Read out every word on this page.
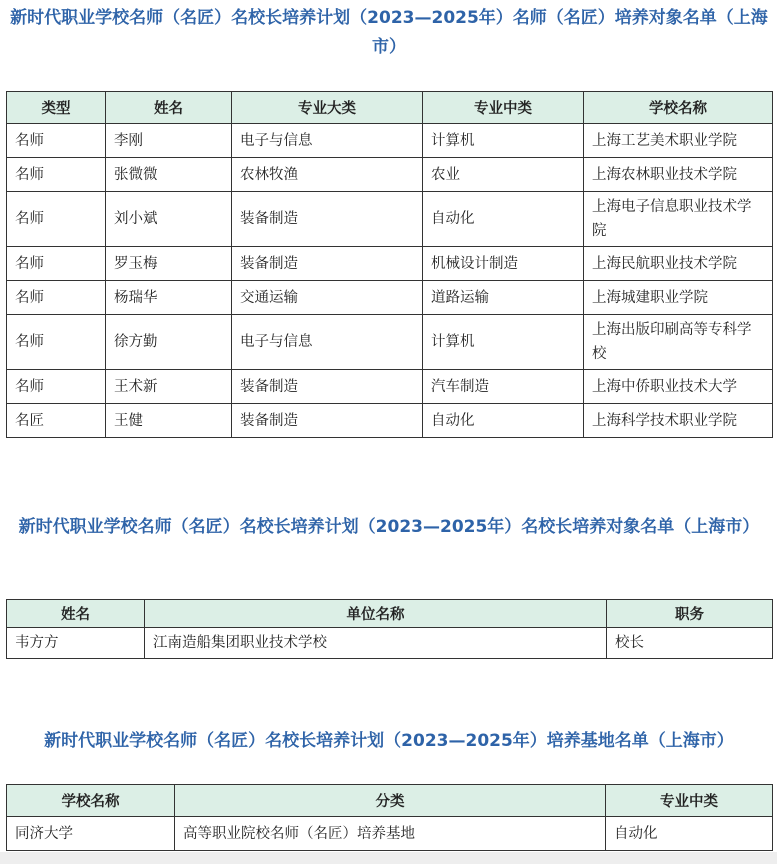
新时代职业学校名师（名匠）名校长培养计划（2023—2025年）名师（名匠）培养对象名单（上海市）
类型	姓名	专业大类	专业中类	学校名称
名师	李刚	电子与信息	计算机	上海工艺美术职业学院
名师	张微微	农林牧渔	农业	上海农林职业技术学院
名师	刘小斌	装备制造	自动化	上海电子信息职业技术学院
名师	罗玉梅	装备制造	机械设计制造	上海民航职业技术学院
名师	杨瑞华	交通运输	道路运输	上海城建职业学院
名师	徐方勤	电子与信息	计算机	上海出版印刷高等专科学校
名师	王术新	装备制造	汽车制造	上海中侨职业技术大学
名匠	王健	装备制造	自动化	上海科学技术职业学院
新时代职业学校名师（名匠）名校长培养计划（2023—2025年）名校长培养对象名单（上海市）
姓名	单位名称	职务
韦方方	江南造船集团职业技术学校	校长
新时代职业学校名师（名匠）名校长培养计划（2023—2025年）培养基地名单（上海市）
学校名称	分类	专业中类
同济大学	高等职业院校名师（名匠）培养基地	自动化
